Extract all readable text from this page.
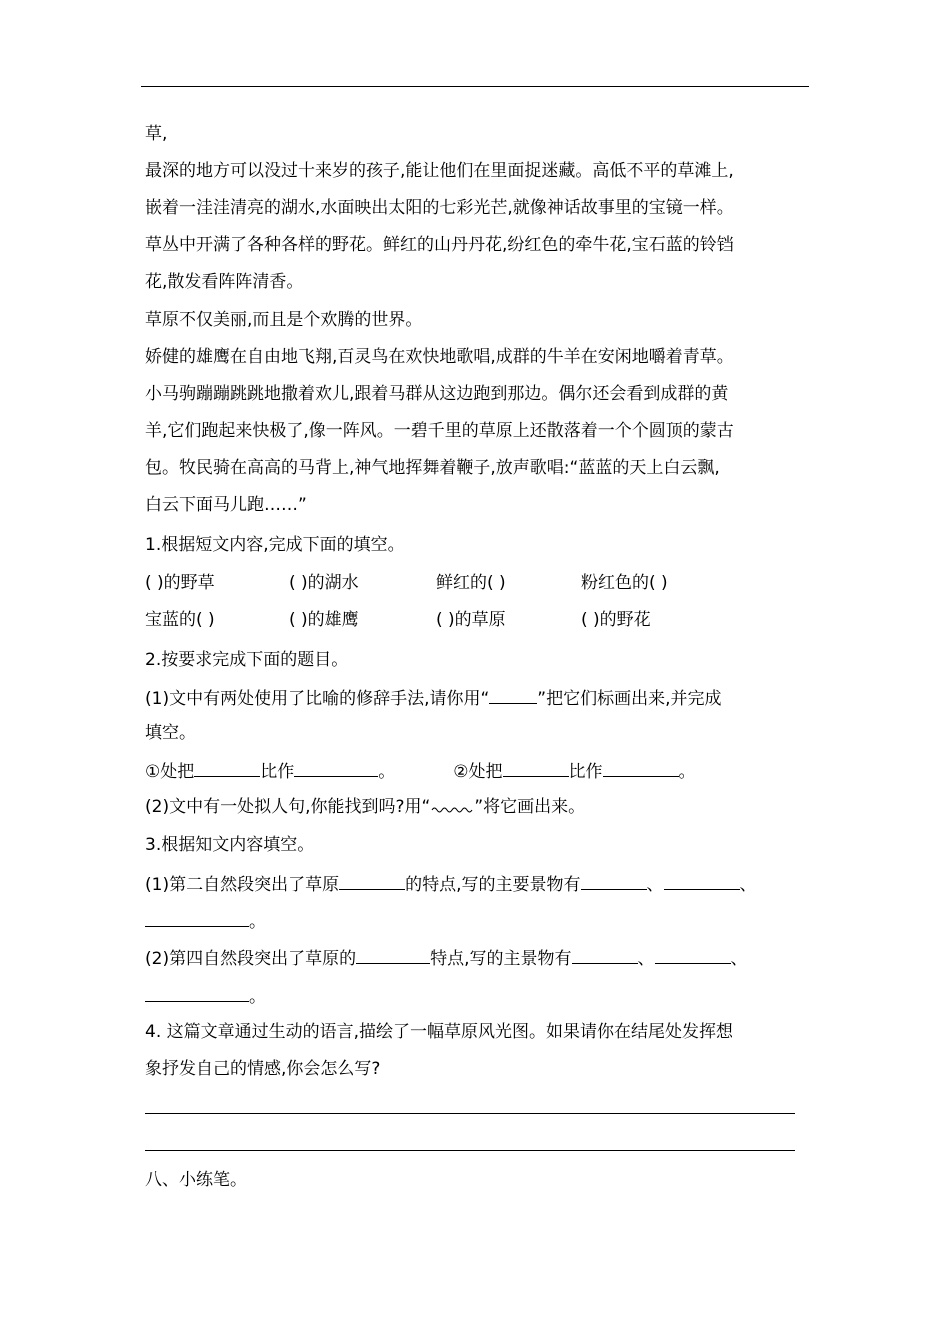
草,
最深的地方可以没过十来岁的孩子,能让他们在里面捉迷藏。高低不平的草滩上,
嵌着一洼洼清亮的湖水,水面映出太阳的七彩光芒,就像神话故事里的宝镜一样。
草丛中开满了各种各样的野花。鲜红的山丹丹花,纷红色的牵牛花,宝石蓝的铃铛
花,散发看阵阵清香。
草原不仅美丽,而且是个欢腾的世界。
娇健的雄鹰在自由地飞翔,百灵鸟在欢快地歌唱,成群的牛羊在安闲地嚼着青草。
小马驹蹦蹦跳跳地撒着欢儿,跟着马群从这边跑到那边。偶尔还会看到成群的黄
羊,它们跑起来快极了,像一阵风。一碧千里的草原上还散落着一个个圆顶的蒙古
包。牧民骑在高高的马背上,神气地挥舞着鞭子,放声歌唱:“蓝蓝的天上白云飘,
白云下面马儿跑……”
1.根据短文内容,完成下面的填空。
( )的野草	( )的湖水	鲜红的( )	粉红色的( )
宝蓝的( )	( )的雄鹰	( )的草原	( )的野花
2.按要求完成下面的题目。
(1)文中有两处使用了比喻的修辞手法,请你用“	”把它们标画出来,并完成
填空。
①处把	比作	。	②处把	比作	。
(2)文中有一处拟人句,你能找到吗?用“	”将它画出来。
3.根据知文内容填空。
(1)第二自然段突出了草原	的特点,写的主要景物有	、	、
。
(2)第四自然段突出了草原的	特点,写的主景物有	、	、
。
4. 这篇文章通过生动的语言,描绘了一幅草原风光图。如果请你在结尾处发挥想
象抒发自己的情感,你会怎么写?
八、小练笔。
